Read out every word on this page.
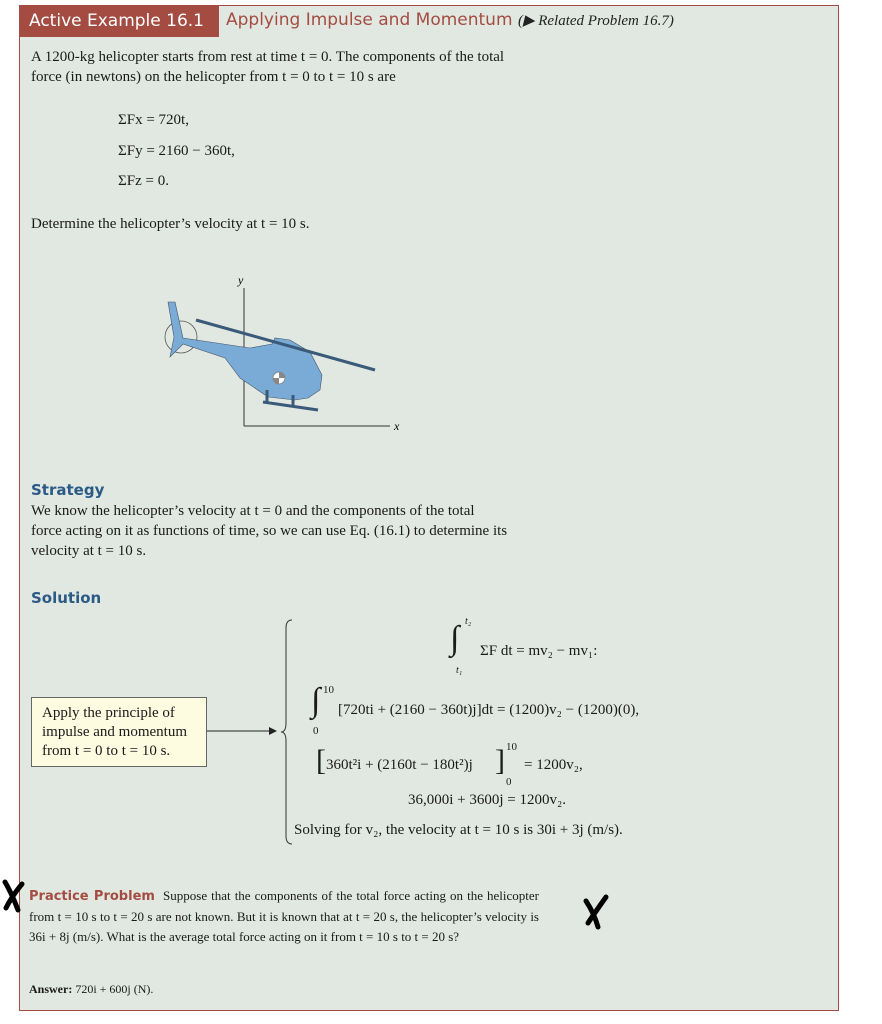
Active Example 16.1	Applying Impulse and Momentum (▶ Related Problem 16.7)
A 1200-kg helicopter starts from rest at time t = 0. The components of the total
force (in newtons) on the helicopter from t = 0 to t = 10 s are
ΣFx = 720t,
ΣFy = 2160 − 360t,
ΣFz = 0.
Determine the helicopter’s velocity at t = 10 s.
y
x
Strategy
We know the helicopter’s velocity at t = 0 and the components of the total
force acting on it as functions of time, so we can use Eq. (16.1) to determine its
velocity at t = 10 s.
Solution
Apply the principle of
impulse and momentum
from t = 0 to t = 10 s.
∫ t₂
t₁
ΣF dt = mv₂ − mv₁:
∫ 10
0
[720ti + (2160 − 360t)j]dt = (1200)v₂ − (1200)(0),
[ 360t²i + (2160t − 180t²)j ] 10
0
= 1200v₂,
36,000i + 3600j = 1200v₂.
Solving for v₂, the velocity at t = 10 s is 30i + 3j (m/s).
Practice Problem Suppose that the components of the total force acting on the helicopter from t = 10 s to t = 20 s are not known. But it is known that at t = 20 s, the helicopter’s velocity is 36i + 8j (m/s). What is the average total force acting on it from t = 10 s to t = 20 s?
Answer: 720i + 600j (N).
